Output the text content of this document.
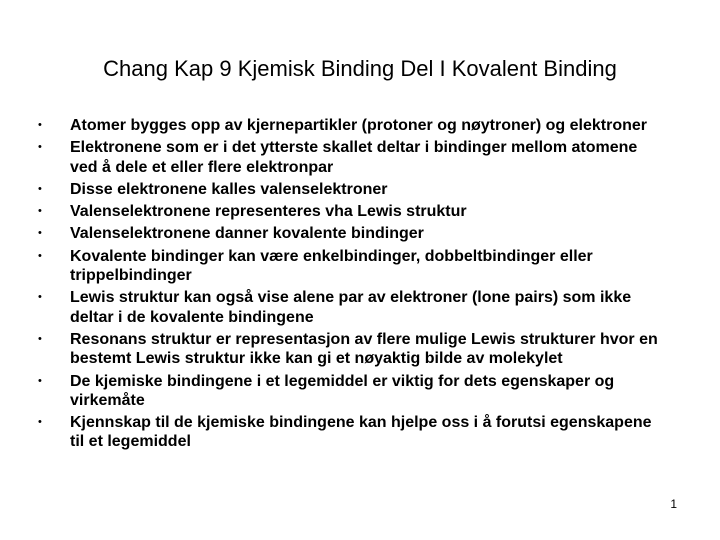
Chang Kap 9 Kjemisk Binding Del I Kovalent Binding
• Atomer bygges opp av kjernepartikler (protoner og nøytroner) og elektroner
• Elektronene som er i det ytterste skallet deltar i bindinger mellom atomene ved å dele et eller flere elektronpar
• Disse elektronene kalles valenselektroner
• Valenselektronene representeres vha Lewis struktur
• Valenselektronene danner kovalente bindinger
• Kovalente bindinger kan være enkelbindinger, dobbeltbindinger eller trippelbindinger
• Lewis struktur kan også vise alene par av elektroner (lone pairs) som ikke deltar i de kovalente bindingene
• Resonans struktur er representasjon av flere mulige Lewis strukturer hvor en bestemt Lewis struktur ikke kan gi et nøyaktig bilde av molekylet
• De kjemiske bindingene i et legemiddel er viktig for dets egenskaper og virkemåte
• Kjennskap til de kjemiske bindingene kan hjelpe oss i å forutsi egenskapene til et legemiddel
1
